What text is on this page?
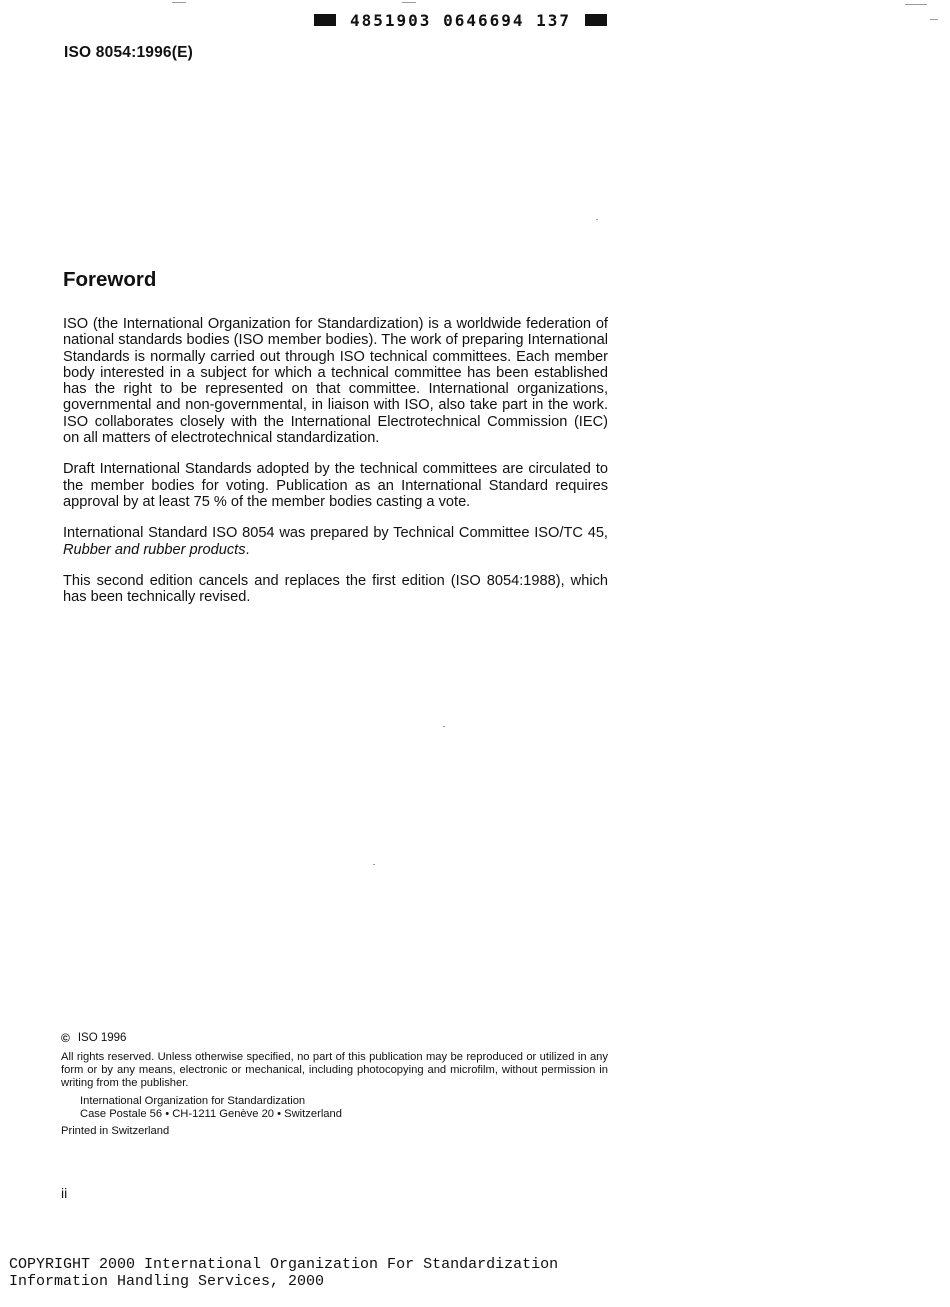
4851903 0646694 137
ISO 8054:1996(E)
Foreword

ISO (the International Organization for Standardization) is a worldwide federation of national standards bodies (ISO member bodies). The work of preparing International Standards is normally carried out through ISO technical committees. Each member body interested in a subject for which a technical committee has been established has the right to be represented on that committee. International organizations, governmental and non-governmental, in liaison with ISO, also take part in the work. ISO collaborates closely with the International Electrotechnical Commission (IEC) on all matters of electrotechnical standardization.

Draft International Standards adopted by the technical committees are circulated to the member bodies for voting. Publication as an International Standard requires approval by at least 75 % of the member bodies casting a vote.

International Standard ISO 8054 was prepared by Technical Committee ISO/TC 45, Rubber and rubber products.

This second edition cancels and replaces the first edition (ISO 8054:1988), which has been technically revised.

© ISO 1996

All rights reserved. Unless otherwise specified, no part of this publication may be reproduced or utilized in any form or by any means, electronic or mechanical, including photocopying and microfilm, without permission in writing from the publisher.

International Organization for Standardization
Case Postale 56 • CH-1211 Genève 20 • Switzerland
Printed in Switzerland
ii
COPYRIGHT 2000 International Organization For Standardization
Information Handling Services, 2000
